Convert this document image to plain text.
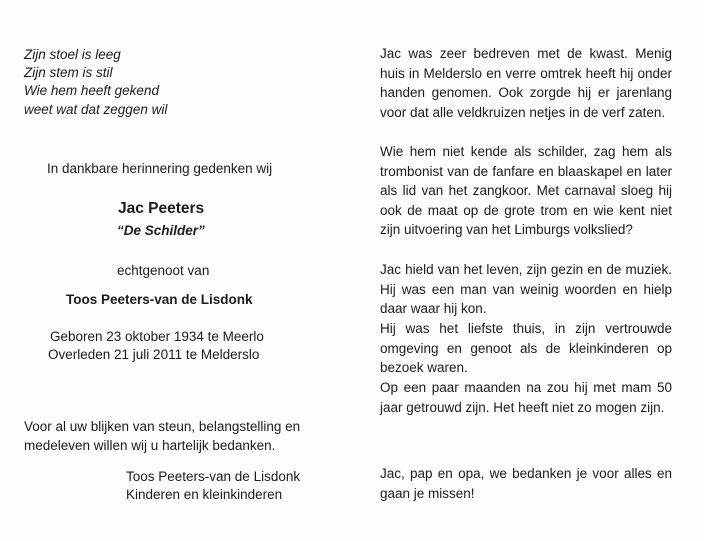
Zijn stoel is leeg
Zijn stem is stil
Wie hem heeft gekend
weet wat dat zeggen wil
In dankbare herinnering gedenken wij
Jac Peeters
“De Schilder”
echtgenoot van
Toos Peeters-van de Lisdonk
Geboren 23 oktober 1934 te Meerlo
Overleden 21 juli 2011 te Melderslo
Voor al uw blijken van steun, belangstelling en
medeleven willen wij u hartelijk bedanken.
Toos Peeters-van de Lisdonk
Kinderen en kleinkinderen

Jac was zeer bedreven met de kwast. Menig huis in Melderslo en verre omtrek heeft hij onder handen genomen. Ook zorgde hij er jarenlang voor dat alle veldkruizen netjes in de verf zaten.

Wie hem niet kende als schilder, zag hem als trombonist van de fanfare en blaaskapel en later als lid van het zangkoor. Met carnaval sloeg hij ook de maat op de grote trom en wie kent niet zijn uitvoering van het Limburgs volkslied?

Jac hield van het leven, zijn gezin en de muziek. Hij was een man van weinig woorden en hielp daar waar hij kon.

Hij was het liefste thuis, in zijn vertrouwde omgeving en genoot als de kleinkinderen op bezoek waren.

Op een paar maanden na zou hij met mam 50 jaar getrouwd zijn. Het heeft niet zo mogen zijn.

Jac, pap en opa, we bedanken je voor alles en gaan je missen!
